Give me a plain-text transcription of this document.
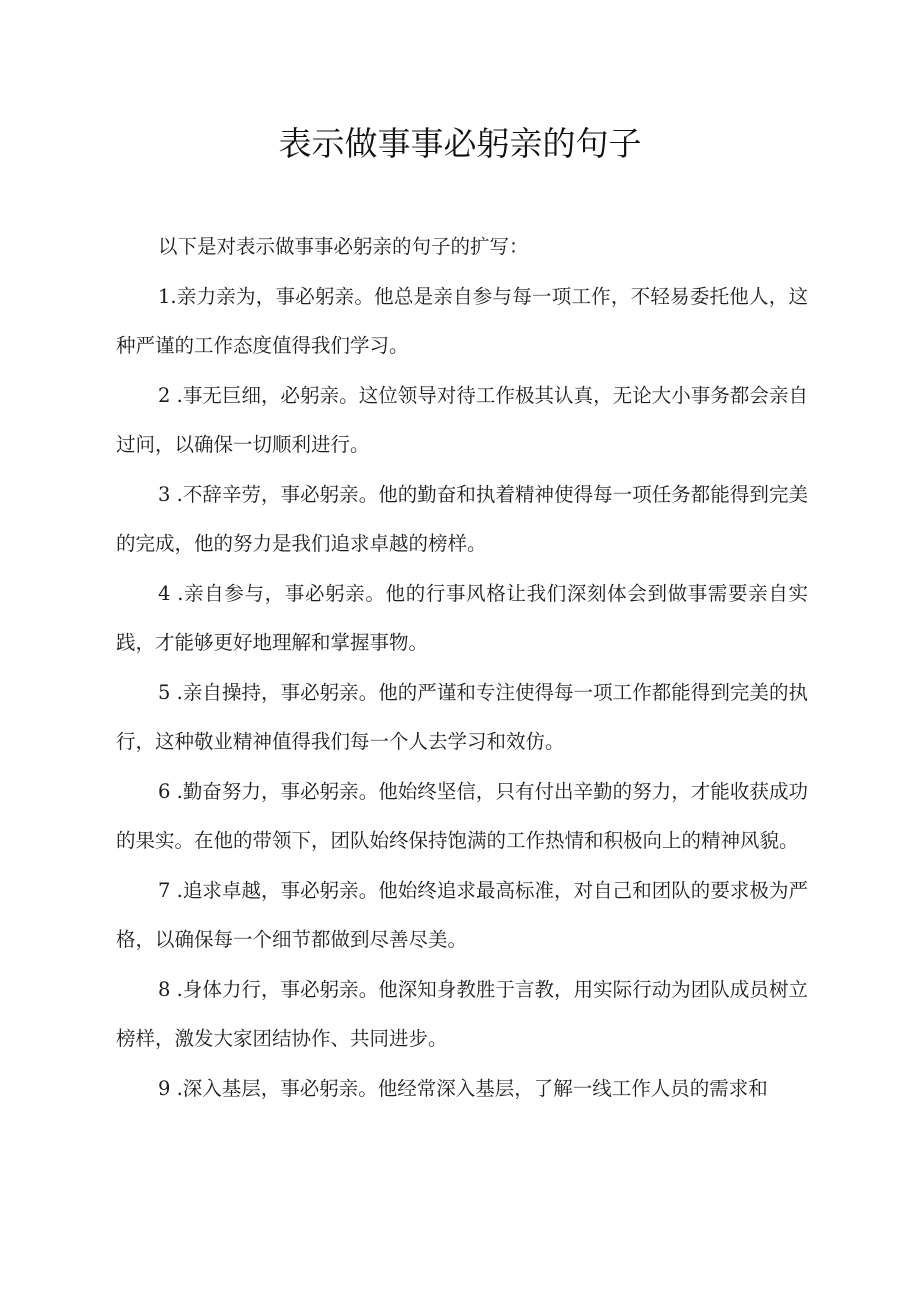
表示做事事必躬亲的句子

以下是对表示做事事必躬亲的句子的扩写：

1.亲力亲为，事必躬亲。他总是亲自参与每一项工作，不轻易委托他人，这种严谨的工作态度值得我们学习。

2 .事无巨细，必躬亲。这位领导对待工作极其认真，无论大小事务都会亲自过问，以确保一切顺利进行。

3 .不辞辛劳，事必躬亲。他的勤奋和执着精神使得每一项任务都能得到完美的完成，他的努力是我们追求卓越的榜样。

4 .亲自参与，事必躬亲。他的行事风格让我们深刻体会到做事需要亲自实践，才能够更好地理解和掌握事物。

5 .亲自操持，事必躬亲。他的严谨和专注使得每一项工作都能得到完美的执行，这种敬业精神值得我们每一个人去学习和效仿。

6 .勤奋努力，事必躬亲。他始终坚信，只有付出辛勤的努力，才能收获成功的果实。在他的带领下，团队始终保持饱满的工作热情和积极向上的精神风貌。

7 .追求卓越，事必躬亲。他始终追求最高标准，对自己和团队的要求极为严格，以确保每一个细节都做到尽善尽美。

8 .身体力行，事必躬亲。他深知身教胜于言教，用实际行动为团队成员树立榜样，激发大家团结协作、共同进步。

9 .深入基层，事必躬亲。他经常深入基层，了解一线工作人员的需求和
